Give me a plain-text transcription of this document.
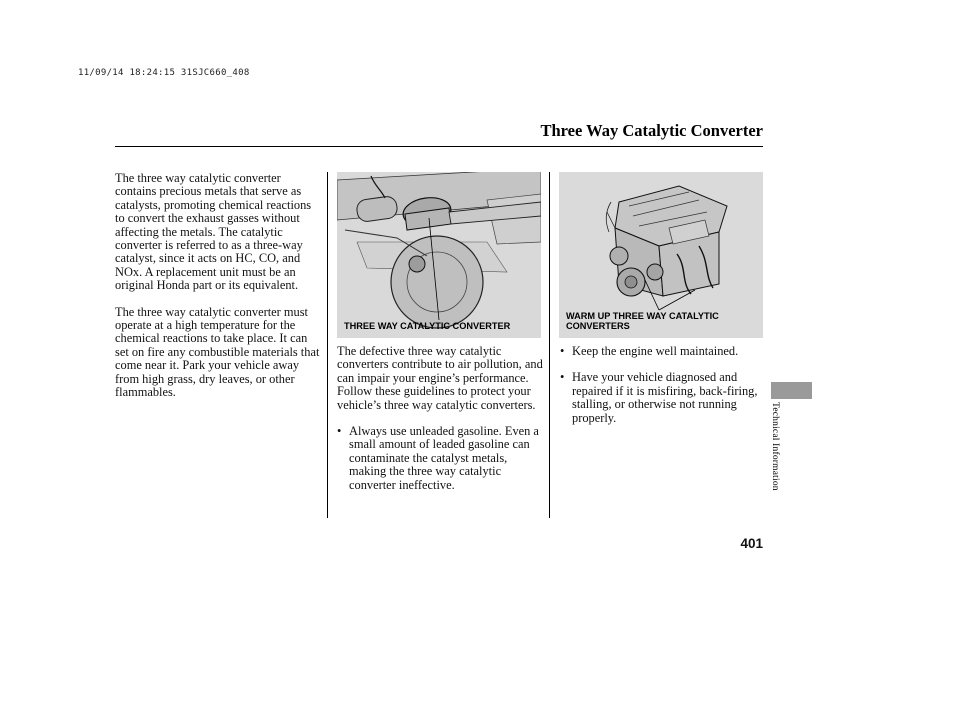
11/09/14 18:24:15 31SJC660_408
Three Way Catalytic Converter

The three way catalytic converter contains precious metals that serve as catalysts, promoting chemical reactions to convert the exhaust gasses without affecting the metals. The catalytic converter is referred to as a three-way catalyst, since it acts on HC, CO, and NOx. A replacement unit must be an original Honda part or its equivalent.

The three way catalytic converter must operate at a high temperature for the chemical reactions to take place. It can set on fire any combustible materials that come near it. Park your vehicle away from high grass, dry leaves, or other flammables.

THREE WAY CATALYTIC CONVERTER

The defective three way catalytic converters contribute to air pollution, and can impair your engine’s performance. Follow these guidelines to protect your vehicle’s three way catalytic converters.

• Always use unleaded gasoline. Even a small amount of leaded gasoline can contaminate the catalyst metals, making the three way catalytic converter ineffective.

WARM UP THREE WAY CATALYTIC CONVERTERS

• Keep the engine well maintained.

• Have your vehicle diagnosed and repaired if it is misfiring, back-firing, stalling, or otherwise not running properly.	Technical Information
401
